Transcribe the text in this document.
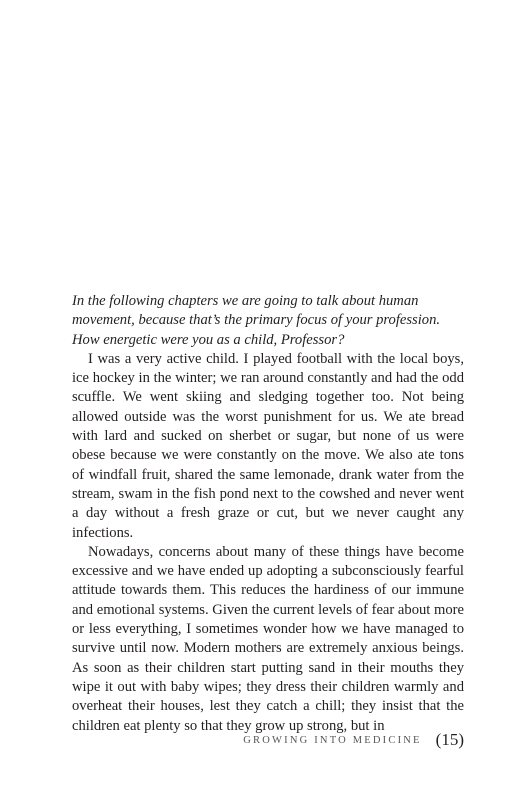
In the following chapters we are going to talk about human movement, because that’s the primary focus of your profession. How energetic were you as a child, Professor?

I was a very active child. I played football with the local boys, ice hockey in the winter; we ran around constantly and had the odd scuffle. We went skiing and sledging together too. Not being allowed outside was the worst punishment for us. We ate bread with lard and sucked on sherbet or sugar, but none of us were obese because we were constantly on the move. We also ate tons of windfall fruit, shared the same lemonade, drank water from the stream, swam in the fish pond next to the cowshed and never went a day without a fresh graze or cut, but we never caught any infections.

Nowadays, concerns about many of these things have become excessive and we have ended up adopting a subconsciously fearful attitude towards them. This reduces the hardiness of our immune and emotional systems. Given the current levels of fear about more or less everything, I sometimes wonder how we have managed to survive until now. Modern mothers are extremely anxious beings. As soon as their children start putting sand in their mouths they wipe it out with baby wipes; they dress their children warmly and overheat their houses, lest they catch a chill; they insist that the children eat plenty so that they grow up strong, but in

GROWING INTO MEDICINE (15)
